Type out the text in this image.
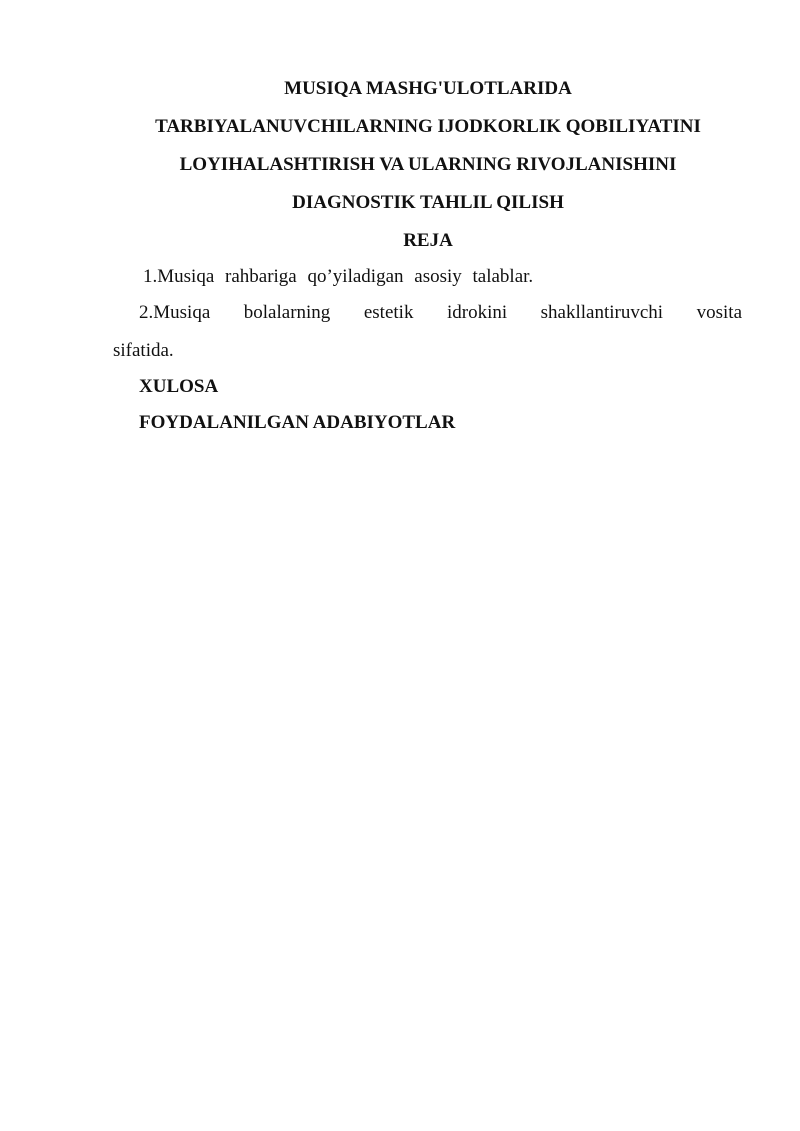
MUSIQA MASHG'ULOTLARIDA
TARBIYALANUVCHILARNING IJODKORLIK QOBILIYATINI
LOYIHALASHTIRISH VA ULARNING RIVOJLANISHINI
DIAGNOSTIK TAHLIL QILISH
REJA
1.Musiqa rahbariga qo’yiladigan asosiy talablar.
2.Musiqa bolalarning estetik idrokini shakllantiruvchi vosita
sifatida.
XULOSA
FOYDALANILGAN ADABIYOTLAR
